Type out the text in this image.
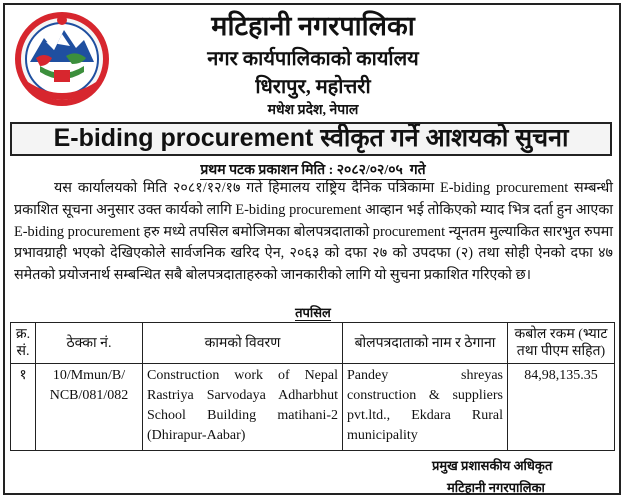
मटिहानी नगरपालिका
नगर कार्यपालिकाको कार्यालय
धिरापुर, महोत्तरी
मधेश प्रदेश, नेपाल
E-biding procurement स्वीकृत गर्ने आशयको सुचना
प्रथम पटक प्रकाशन मिति : २०८२/०२/०५ गते
यस कार्यालयको मिति २०८१/१२/१७ गते हिमालय राष्ट्रिय दैनिक पत्रिकामा E-biding procurement सम्बन्धी प्रकाशित सूचना अनुसार उक्त कार्यको लागि E-biding procurement आव्हान भई तोकिएको म्याद भित्र दर्ता हुन आएका E-biding procurement हरु मध्ये तपसिल बमोजिमका बोलपत्रदाताको procurement न्यूनतम मुल्याकित सारभुत रुपमा प्रभावग्राही भएको देखिएकोले सार्वजनिक खरिद ऐन, २०६३ को दफा २७ को उपदफा (२) तथा सोही ऐनको दफा ४७ समेतको प्रयोजनार्थ सम्बन्धित सबै बोलपत्रदाताहरुको जानकारीको लागि यो सुचना प्रकाशित गरिएको छ।
तपसिल
क्र. सं.	ठेक्का नं.	कामको विवरण	बोलपत्रदाताको नाम र ठेगाना	कबोल रकम (भ्याट तथा पीएम सहित)
१	10/Mmun/B/ NCB/081/082	Construction work of Nepal Rastriya Sarvodaya Adharbhut School Building matihani-2 (Dhirapur-Aabar)	Pandey shreyas construction & suppliers pvt.ltd., Ekdara Rural municipality	84,98,135.35
प्रमुख प्रशासकीय अधिकृत
मटिहानी नगरपालिका
